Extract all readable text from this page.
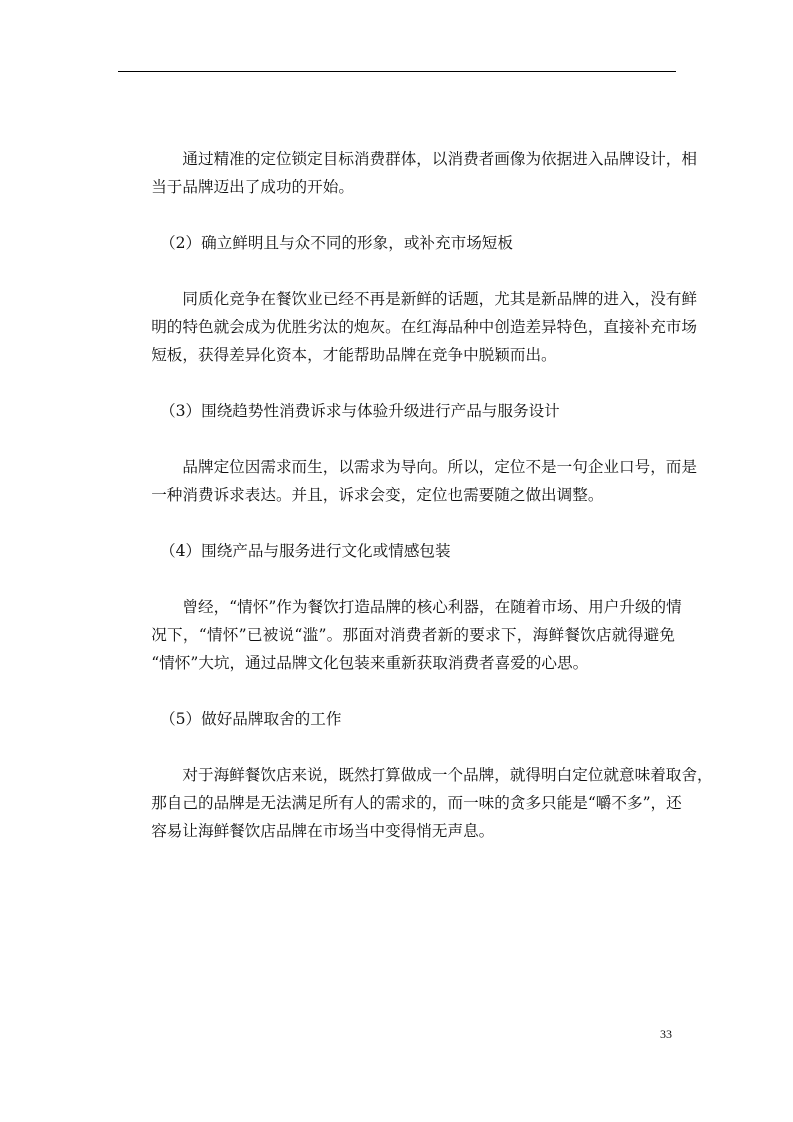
通过精准的定位锁定目标消费群体，以消费者画像为依据进入品牌设计，相
当于品牌迈出了成功的开始。
（2）确立鲜明且与众不同的形象，或补充市场短板
同质化竞争在餐饮业已经不再是新鲜的话题，尤其是新品牌的进入，没有鲜
明的特色就会成为优胜劣汰的炮灰。在红海品种中创造差异特色，直接补充市场
短板，获得差异化资本，才能帮助品牌在竞争中脱颖而出。
（3）围绕趋势性消费诉求与体验升级进行产品与服务设计
品牌定位因需求而生，以需求为导向。所以，定位不是一句企业口号，而是
一种消费诉求表达。并且，诉求会变，定位也需要随之做出调整。
（4）围绕产品与服务进行文化或情感包装
曾经，“情怀”作为餐饮打造品牌的核心利器，在随着市场、用户升级的情
况下，“情怀”已被说“滥”。那面对消费者新的要求下，海鲜餐饮店就得避免
“情怀”大坑，通过品牌文化包装来重新获取消费者喜爱的心思。
（5）做好品牌取舍的工作
对于海鲜餐饮店来说，既然打算做成一个品牌，就得明白定位就意味着取舍，
那自己的品牌是无法满足所有人的需求的，而一味的贪多只能是“嚼不多”，还
容易让海鲜餐饮店品牌在市场当中变得悄无声息。
33
